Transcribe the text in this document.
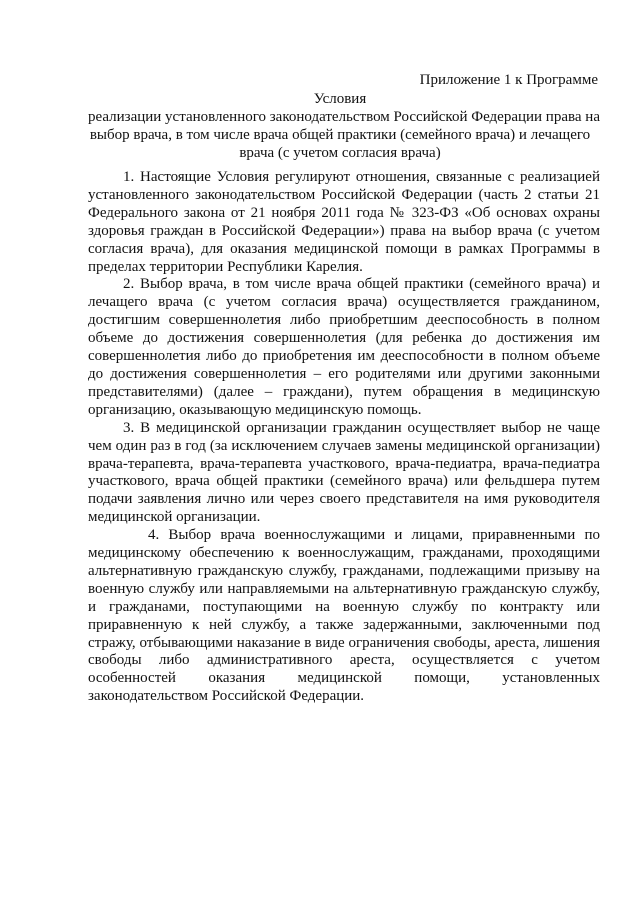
Приложение 1 к Программе
Условия
реализации установленного законодательством Российской Федерации права на
выбор врача, в том числе врача общей практики (семейного врача) и лечащего
врача (с учетом согласия врача)

1. Настоящие Условия регулируют отношения, связанные с реализацией установленного законодательством Российской Федерации (часть 2 статьи 21 Федерального закона от 21 ноября 2011 года № 323-ФЗ «Об основах охраны здоровья граждан в Российской Федерации») права на выбор врача (с учетом согласия врача), для оказания медицинской помощи в рамках Программы в пределах территории Республики Карелия.

2. Выбор врача, в том числе врача общей практики (семейного врача) и лечащего врача (с учетом согласия врача) осуществляется гражданином, достигшим совершеннолетия либо приобретшим дееспособность в полном объеме до достижения совершеннолетия (для ребенка до достижения им совершеннолетия либо до приобретения им дееспособности в полном объеме до достижения совершеннолетия – его родителями или другими законными представителями) (далее – граждани), путем обращения в медицинскую организацию, оказывающую медицинскую помощь.

3. В медицинской организации гражданин осуществляет выбор не чаще чем один раз в год (за исключением случаев замены медицинской организации) врача-терапевта, врача-терапевта участкового, врача-педиатра, врача-педиатра участкового, врача общей практики (семейного врача) или фельдшера путем подачи заявления лично или через своего представителя на имя руководителя медицинской организации.

4. Выбор врача военнослужащими и лицами, приравненными по медицинскому обеспечению к военнослужащим, гражданами, проходящими альтернативную гражданскую службу, гражданами, подлежащими призыву на военную службу или направляемыми на альтернативную гражданскую службу, и гражданами, поступающими на военную службу по контракту или приравненную к ней службу, а также задержанными, заключенными под стражу, отбывающими наказание в виде ограничения свободы, ареста, лишения свободы либо административного ареста, осуществляется с учетом особенностей оказания медицинской помощи, установленных законодательством Российской Федерации.
